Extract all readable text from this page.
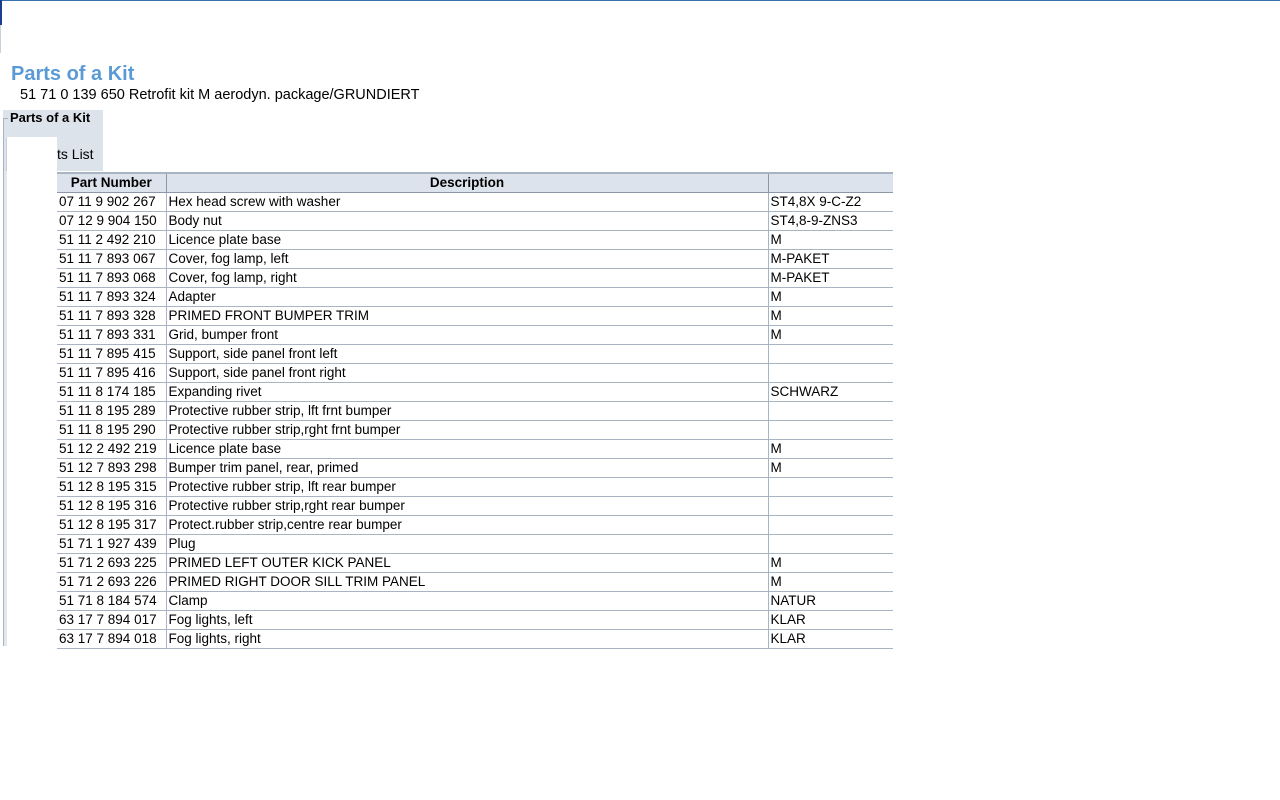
Parts of a Kit
51 71 0 139 650 Retrofit kit M aerodyn. package/GRUNDIERT
Parts of a Kit
ts List
Part Number	Description	
07 11 9 902 267	Hex head screw with washer	ST4,8X 9-C-Z2
07 12 9 904 150	Body nut	ST4,8-9-ZNS3
51 11 2 492 210	Licence plate base	M
51 11 7 893 067	Cover, fog lamp, left	M-PAKET
51 11 7 893 068	Cover, fog lamp, right	M-PAKET
51 11 7 893 324	Adapter	M
51 11 7 893 328	PRIMED FRONT BUMPER TRIM	M
51 11 7 893 331	Grid, bumper front	M
51 11 7 895 415	Support, side panel front left	
51 11 7 895 416	Support, side panel front right	
51 11 8 174 185	Expanding rivet	SCHWARZ
51 11 8 195 289	Protective rubber strip, lft frnt bumper	
51 11 8 195 290	Protective rubber strip,rght frnt bumper	
51 12 2 492 219	Licence plate base	M
51 12 7 893 298	Bumper trim panel, rear, primed	M
51 12 8 195 315	Protective rubber strip, lft rear bumper	
51 12 8 195 316	Protective rubber strip,rght rear bumper	
51 12 8 195 317	Protect.rubber strip,centre rear bumper	
51 71 1 927 439	Plug	
51 71 2 693 225	PRIMED LEFT OUTER KICK PANEL	M
51 71 2 693 226	PRIMED RIGHT DOOR SILL TRIM PANEL	M
51 71 8 184 574	Clamp	NATUR
63 17 7 894 017	Fog lights, left	KLAR
63 17 7 894 018	Fog lights, right	KLAR
